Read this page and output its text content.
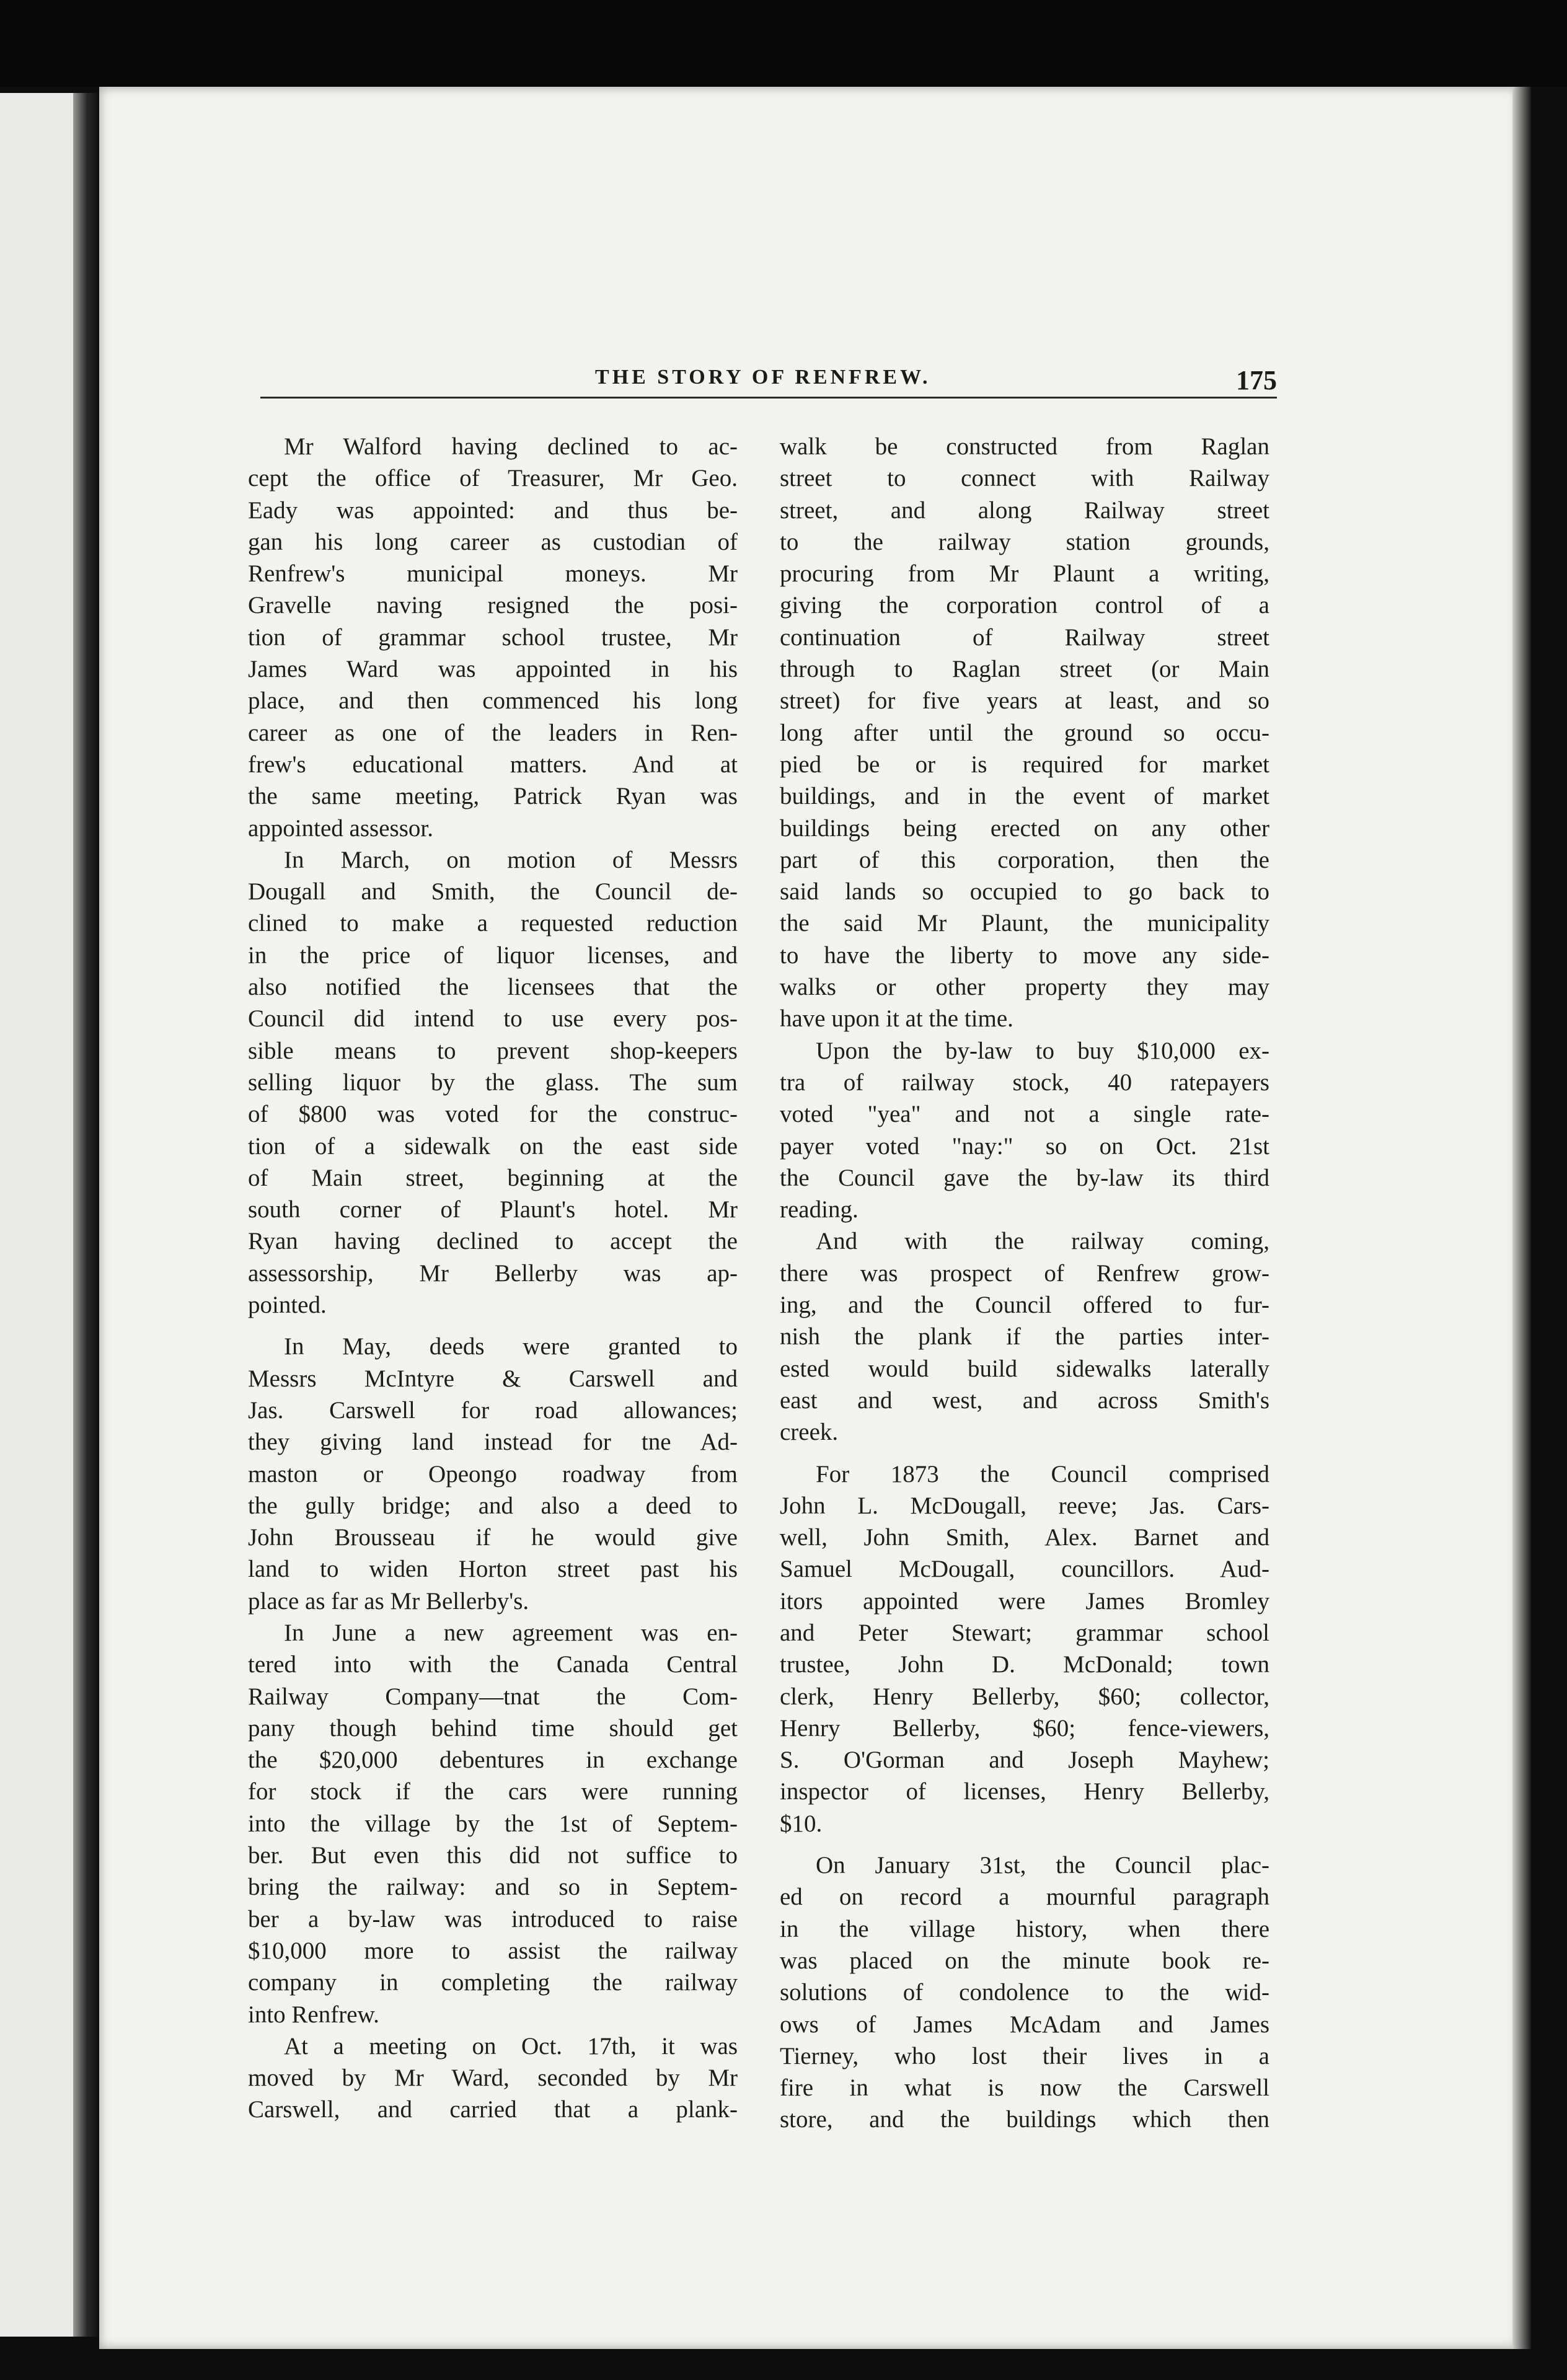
THE STORY OF RENFREW.	175
Mr Walford having declined to ac-
cept the office of Treasurer, Mr Geo.
Eady was appointed: and thus be-
gan his long career as custodian of
Renfrew's municipal moneys. Mr
Gravelle naving resigned the posi-
tion of grammar school trustee, Mr
James Ward was appointed in his
place, and then commenced his long
career as one of the leaders in Ren-
frew's educational matters. And at
the same meeting, Patrick Ryan was
appointed assessor.
In March, on motion of Messrs
Dougall and Smith, the Council de-
clined to make a requested reduction
in the price of liquor licenses, and
also notified the licensees that the
Council did intend to use every pos-
sible means to prevent shop-keepers
selling liquor by the glass. The sum
of $800 was voted for the construc-
tion of a sidewalk on the east side
of Main street, beginning at the
south corner of Plaunt's hotel. Mr
Ryan having declined to accept the
assessorship, Mr Bellerby was ap-
pointed.
In May, deeds were granted to
Messrs McIntyre & Carswell and
Jas. Carswell for road allowances;
they giving land instead for tne Ad-
maston or Opeongo roadway from
the gully bridge; and also a deed to
John Brousseau if he would give
land to widen Horton street past his
place as far as Mr Bellerby's.
In June a new agreement was en-
tered into with the Canada Central
Railway Company—tnat the Com-
pany though behind time should get
the $20,000 debentures in exchange
for stock if the cars were running
into the village by the 1st of Septem-
ber. But even this did not suffice to
bring the railway: and so in Septem-
ber a by-law was introduced to raise
$10,000 more to assist the railway
company in completing the railway
into Renfrew.
At a meeting on Oct. 17th, it was
moved by Mr Ward, seconded by Mr
Carswell, and carried that a plank-
walk be constructed from Raglan
street to connect with Railway
street, and along Railway street
to the railway station grounds,
procuring from Mr Plaunt a writing,
giving the corporation control of a
continuation of Railway street
through to Raglan street (or Main
street) for five years at least, and so
long after until the ground so occu-
pied be or is required for market
buildings, and in the event of market
buildings being erected on any other
part of this corporation, then the
said lands so occupied to go back to
the said Mr Plaunt, the municipality
to have the liberty to move any side-
walks or other property they may
have upon it at the time.
Upon the by-law to buy $10,000 ex-
tra of railway stock, 40 ratepayers
voted "yea" and not a single rate-
payer voted "nay:" so on Oct. 21st
the Council gave the by-law its third
reading.
And with the railway coming,
there was prospect of Renfrew grow-
ing, and the Council offered to fur-
nish the plank if the parties inter-
ested would build sidewalks laterally
east and west, and across Smith's
creek.
For 1873 the Council comprised
John L. McDougall, reeve; Jas. Cars-
well, John Smith, Alex. Barnet and
Samuel McDougall, councillors. Aud-
itors appointed were James Bromley
and Peter Stewart; grammar school
trustee, John D. McDonald; town
clerk, Henry Bellerby, $60; collector,
Henry Bellerby, $60; fence-viewers,
S. O'Gorman and Joseph Mayhew;
inspector of licenses, Henry Bellerby,
$10.
On January 31st, the Council plac-
ed on record a mournful paragraph
in the village history, when there
was placed on the minute book re-
solutions of condolence to the wid-
ows of James McAdam and James
Tierney, who lost their lives in a
fire in what is now the Carswell
store, and the buildings which then
